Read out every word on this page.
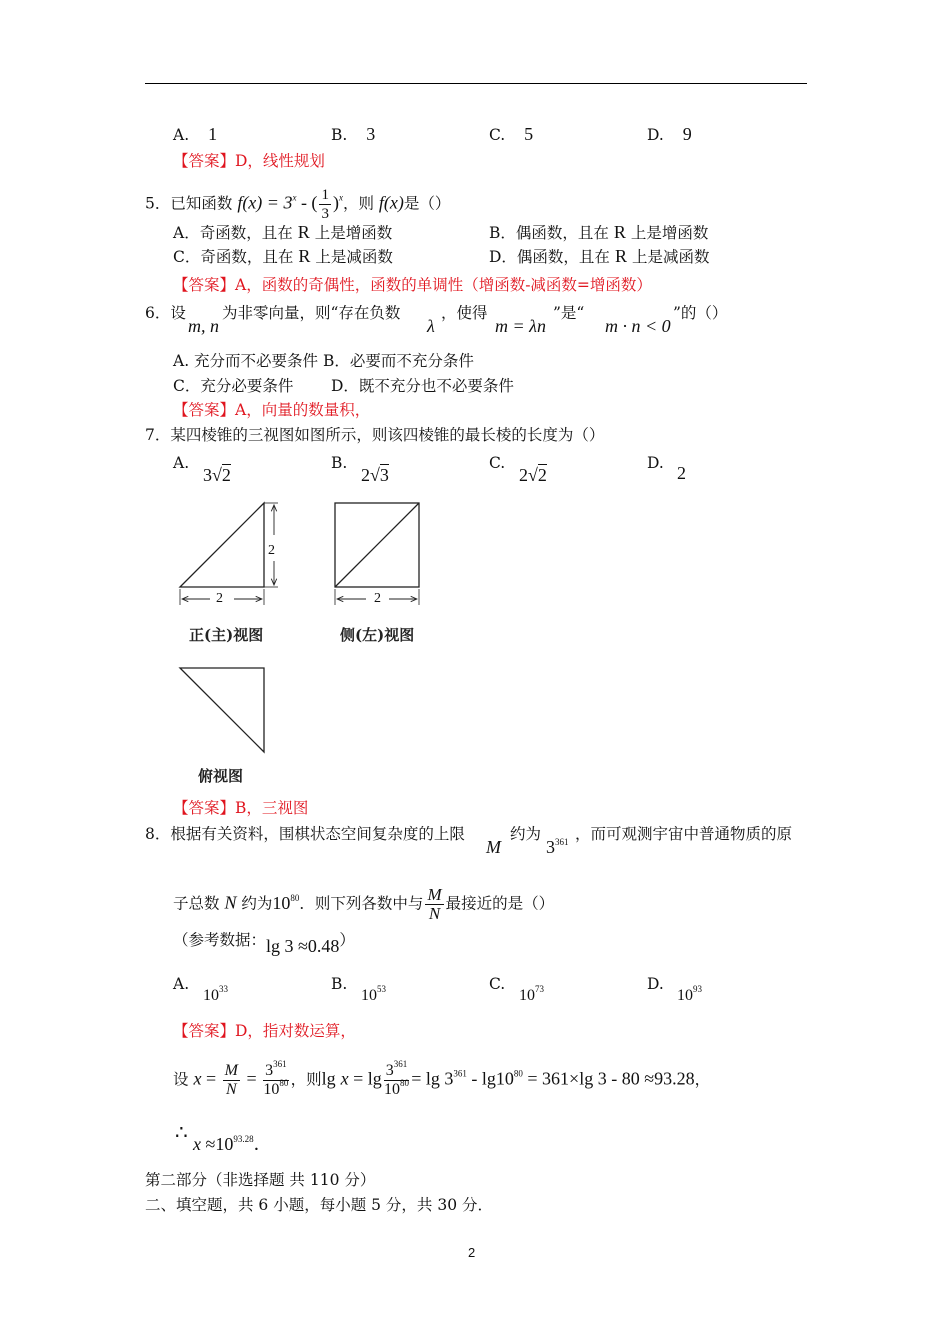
A. 1	B. 3	C. 5	D. 9
【答案】D，线性规划
5．已知函数 $f(x) = 3^x$ - ( $\frac{1}{3} )^x$，则 f(x)是（）
A．奇函数，且在 R 上是增函数	B．偶函数，且在 R 上是增函数
C．奇函数，且在 R 上是减函数	D．偶函数，且在 R 上是减函数
【答案】A，函数的奇偶性，函数的单调性（增函数-减函数=增函数）
6．设
m, n
为非零向量，则“存在负数
λ
，使得
m = λn
”是“
m · n < 0
”的（）
A. 充分而不必要条件 B．必要而不充分条件
C．充分必要条件 D．既不充分也不必要条件
【答案】A，向量的数量积，
7．某四棱锥的三视图如图所示，则该四棱锥的最长棱的长度为（）
A.
3√2
B.
2√3
C.
2√2
D. 2
2
2	2
正(主)视图	侧(左)视图
俯视图
【答案】B，三视图
8．根据有关资料，围棋状态空间复杂度的上限
M
约为
$3^{361}$ ，而可观测宇宙中普通物质的原
子总数 N 约为$10^{80}$．则下列各数中与 $\frac{M}{N}$ 最接近的是（）
（参考数据：lg 3 ≈0.48）
A.
$10^{33}$	B.
$10^{53}$	C.
$10^{73}$	D.
$10^{93}$
【答案】D，指对数运算，
设 $x = \frac{M}{N} = \frac{3^{361}}{10^{80}}$ ，则$\lg x = \lg \frac{3^{361}}{10^{80}} = \lg 3^{361} - \lg 10^{80} = 361\times\lg$ 3 - 80 ≈93.28，
∴ $x \approx 10^{93.28}$．
第二部分（非选择题 共 110 分）
二、填空题，共 6 小题，每小题 5 分，共 30 分．
2
